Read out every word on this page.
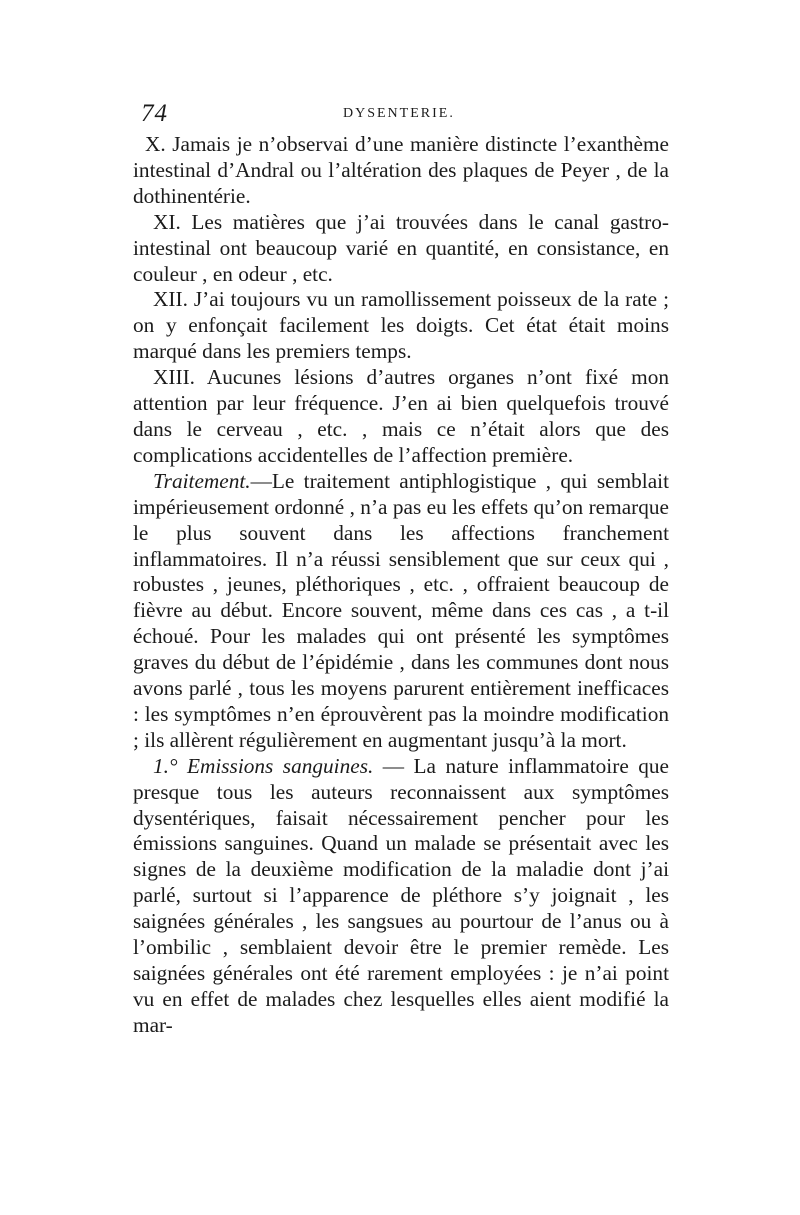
74	DYSENTERIE.

X. Jamais je n’observai d’une manière distincte l’exanthème intestinal d’Andral ou l’altération des plaques de Peyer , de la dothinentérie.

XI. Les matières que j’ai trouvées dans le canal gastro-intestinal ont beaucoup varié en quantité, en consistance, en couleur , en odeur , etc.

XII. J’ai toujours vu un ramollissement poisseux de la rate ; on y enfonçait facilement les doigts. Cet état était moins marqué dans les premiers temps.

XIII. Aucunes lésions d’autres organes n’ont fixé mon attention par leur fréquence. J’en ai bien quelquefois trouvé dans le cerveau , etc. , mais ce n’était alors que des complications accidentelles de l’affection première.

Traitement.—Le traitement antiphlogistique , qui semblait impérieusement ordonné , n’a pas eu les effets qu’on remarque le plus souvent dans les affections franchement inflammatoires. Il n’a réussi sensiblement que sur ceux qui , robustes , jeunes, pléthoriques , etc. , offraient beaucoup de fièvre au début. Encore souvent, même dans ces cas , a t-il échoué. Pour les malades qui ont présenté les symptômes graves du début de l’épidémie , dans les communes dont nous avons parlé , tous les moyens parurent entièrement inefficaces : les symptômes n’en éprouvèrent pas la moindre modification ; ils allèrent régulièrement en augmentant jusqu’à la mort.

1.° Emissions sanguines. — La nature inflammatoire que presque tous les auteurs reconnaissent aux symptômes dysentériques, faisait nécessairement pencher pour les émissions sanguines. Quand un malade se présentait avec les signes de la deuxième modification de la maladie dont j’ai parlé, surtout si l’apparence de pléthore s’y joignait , les saignées générales , les sangsues au pourtour de l’anus ou à l’ombilic , semblaient devoir être le premier remède. Les saignées générales ont été rarement employées : je n’ai point vu en effet de malades chez lesquelles elles aient modifié la mar-
